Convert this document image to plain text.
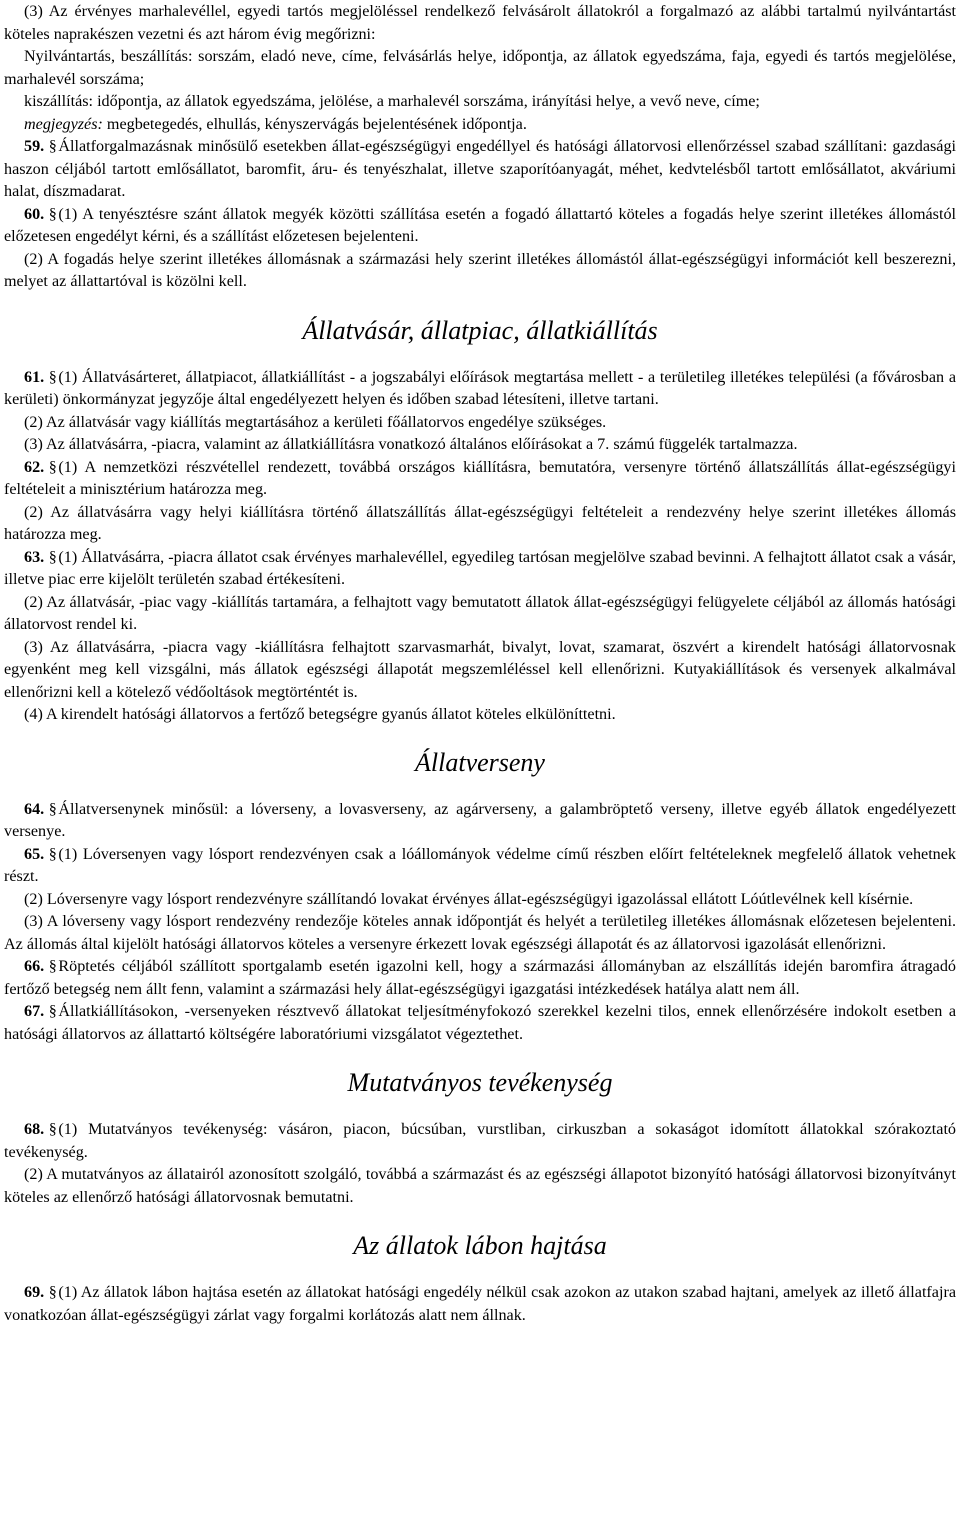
(3) Az érvényes marhalevéllel, egyedi tartós megjelöléssel rendelkező felvásárolt állatokról a forgalmazó az alábbi tartalmú nyilvántartást köteles naprakészen vezetni és azt három évig megőrizni:

Nyilvántartás, beszállítás: sorszám, eladó neve, címe, felvásárlás helye, időpontja, az állatok egyedszáma, faja, egyedi és tartós megjelölése, marhalevél sorszáma;

kiszállítás: időpontja, az állatok egyedszáma, jelölése, a marhalevél sorszáma, irányítási helye, a vevő neve, címe;

megjegyzés: megbetegedés, elhullás, kényszervágás bejelentésének időpontja.

59. §Állatforgalmazásnak minősülő esetekben állat-egészségügyi engedéllyel és hatósági állatorvosi ellenőrzéssel szabad szállítani: gazdasági haszon céljából tartott emlősállatot, baromfit, áru- és tenyészhalat, illetve szaporítóanyagát, méhet, kedvtelésből tartott emlősállatot, akváriumi halat, díszmadarat.

60. §(1) A tenyésztésre szánt állatok megyék közötti szállítása esetén a fogadó állattartó köteles a fogadás helye szerint illetékes állomástól előzetesen engedélyt kérni, és a szállítást előzetesen bejelenteni.

(2) A fogadás helye szerint illetékes állomásnak a származási hely szerint illetékes állomástól állat-egészségügyi információt kell beszerezni, melyet az állattartóval is közölni kell.

Állatvásár, állatpiac, állatkiállítás

61. §(1) Állatvásárteret, állatpiacot, állatkiállítást - a jogszabályi előírások megtartása mellett - a területileg illetékes települési (a fővárosban a kerületi) önkormányzat jegyzője által engedélyezett helyen és időben szabad létesíteni, illetve tartani.

(2) Az állatvásár vagy kiállítás megtartásához a kerületi főállatorvos engedélye szükséges.

(3) Az állatvásárra, -piacra, valamint az állatkiállításra vonatkozó általános előírásokat a 7. számú függelék tartalmazza.

62. §(1) A nemzetközi részvétellel rendezett, továbbá országos kiállításra, bemutatóra, versenyre történő állatszállítás állat-egészségügyi feltételeit a minisztérium határozza meg.

(2) Az állatvásárra vagy helyi kiállításra történő állatszállítás állat-egészségügyi feltételeit a rendezvény helye szerint illetékes állomás határozza meg.

63. §(1) Állatvásárra, -piacra állatot csak érvényes marhalevéllel, egyedileg tartósan megjelölve szabad bevinni. A felhajtott állatot csak a vásár, illetve piac erre kijelölt területén szabad értékesíteni.

(2) Az állatvásár, -piac vagy -kiállítás tartamára, a felhajtott vagy bemutatott állatok állat-egészségügyi felügyelete céljából az állomás hatósági állatorvost rendel ki.

(3) Az állatvásárra, -piacra vagy -kiállításra felhajtott szarvasmarhát, bivalyt, lovat, szamarat, öszvért a kirendelt hatósági állatorvosnak egyenként meg kell vizsgálni, más állatok egészségi állapotát megszemléléssel kell ellenőrizni. Kutyakiállítások és versenyek alkalmával ellenőrizni kell a kötelező védőoltások megtörténtét is.

(4) A kirendelt hatósági állatorvos a fertőző betegségre gyanús állatot köteles elkülöníttetni.

Állatverseny

64. §Állatversenynek minősül: a lóverseny, a lovasverseny, az agárverseny, a galambröptető verseny, illetve egyéb állatok engedélyezett versenye.

65. §(1) Lóversenyen vagy lósport rendezvényen csak a lóállományok védelme című részben előírt feltételeknek megfelelő állatok vehetnek részt.

(2) Lóversenyre vagy lósport rendezvényre szállítandó lovakat érvényes állat-egészségügyi igazolással ellátott Lóútlevélnek kell kísérnie.

(3) A lóverseny vagy lósport rendezvény rendezője köteles annak időpontját és helyét a területileg illetékes állomásnak előzetesen bejelenteni. Az állomás által kijelölt hatósági állatorvos köteles a versenyre érkezett lovak egészségi állapotát és az állatorvosi igazolását ellenőrizni.

66. §Röptetés céljából szállított sportgalamb esetén igazolni kell, hogy a származási állományban az elszállítás idején baromfira átragadó fertőző betegség nem állt fenn, valamint a származási hely állat-egészségügyi igazgatási intézkedések hatálya alatt nem áll.

67. §Állatkiállításokon, -versenyeken résztvevő állatokat teljesítményfokozó szerekkel kezelni tilos, ennek ellenőrzésére indokolt esetben a hatósági állatorvos az állattartó költségére laboratóriumi vizsgálatot végeztethet.

Mutatványos tevékenység

68. §(1) Mutatványos tevékenység: vásáron, piacon, búcsúban, vurstliban, cirkuszban a sokaságot idomított állatokkal szórakoztató tevékenység.

(2) A mutatványos az állatairól azonosított szolgáló, továbbá a származást és az egészségi állapotot bizonyító hatósági állatorvosi bizonyítványt köteles az ellenőrző hatósági állatorvosnak bemutatni.

Az állatok lábon hajtása

69. §(1) Az állatok lábon hajtása esetén az állatokat hatósági engedély nélkül csak azokon az utakon szabad hajtani, amelyek az illető állatfajra vonatkozóan állat-egészségügyi zárlat vagy forgalmi korlátozás alatt nem állnak.
